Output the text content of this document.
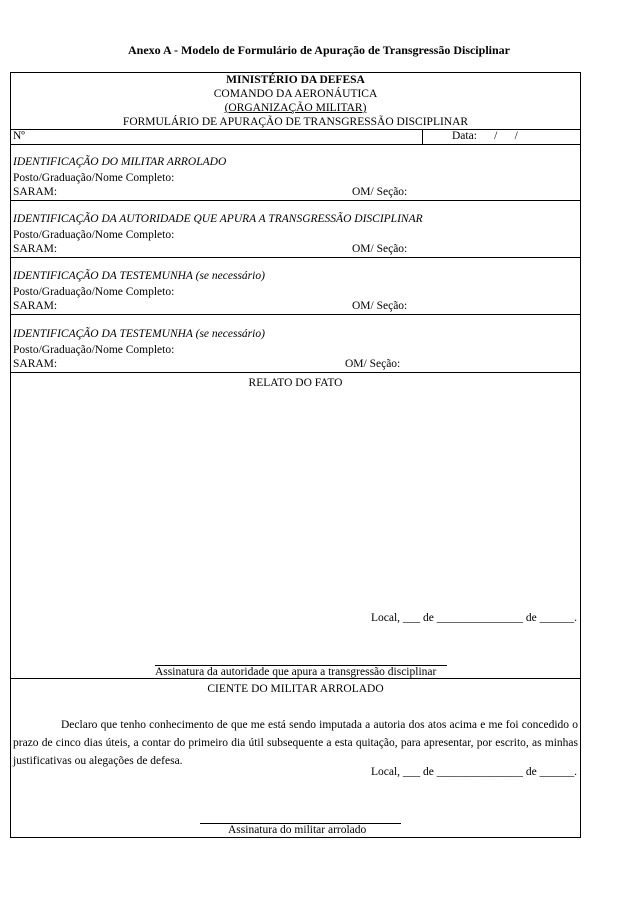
Anexo A - Modelo de Formulário de Apuração de Transgressão Disciplinar
MINISTÉRIO DA DEFESA
COMANDO DA AERONÁUTICA
(ORGANIZAÇÃO MILITAR)
FORMULÁRIO DE APURAÇÃO DE TRANSGRESSÃO DISCIPLINAR
Nº	Data:      /      /
IDENTIFICAÇÃO DO MILITAR ARROLADO
Posto/Graduação/Nome Completo:
SARAM:	OM/ Seção:
IDENTIFICAÇÃO DA AUTORIDADE QUE APURA A TRANSGRESSÃO DISCIPLINAR
Posto/Graduação/Nome Completo:
SARAM:	OM/ Seção:
IDENTIFICAÇÃO DA TESTEMUNHA (se necessário)
Posto/Graduação/Nome Completo:
SARAM:	OM/ Seção:
IDENTIFICAÇÃO DA TESTEMUNHA (se necessário)
Posto/Graduação/Nome Completo:
SARAM:	OM/ Seção:
RELATO DO FATO
Local, ___ de _______________ de ______.
Assinatura da autoridade que apura a transgressão disciplinar
CIENTE DO MILITAR ARROLADO
Declaro que tenho conhecimento de que me está sendo imputada a autoria dos atos acima e me foi concedido o prazo de cinco dias úteis, a contar do primeiro dia útil subsequente a esta quitação, para apresentar, por escrito, as minhas justificativas ou alegações de defesa.
Local, ___ de _______________ de ______.
Assinatura do militar arrolado
